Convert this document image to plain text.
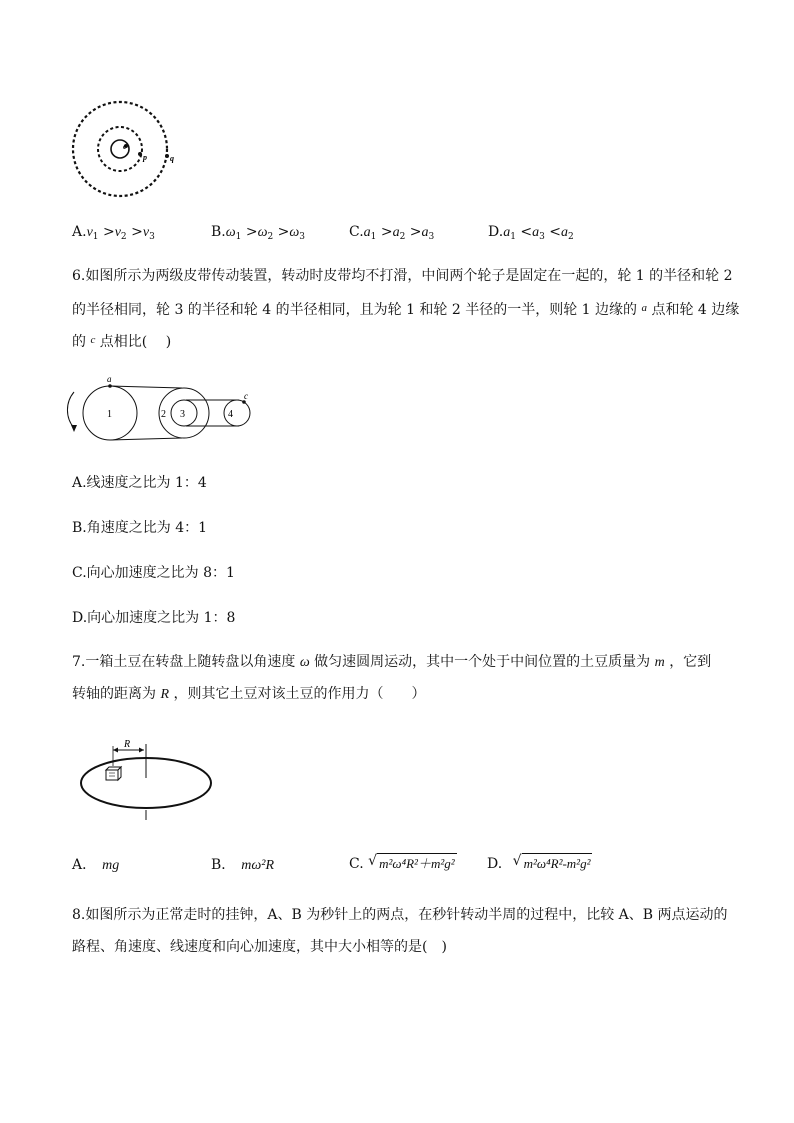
e
p	q
$A.v_1 >v_2 >v_3$	$B.\omega_1 >\omega_2 >\omega_3$	$C.a_1 >a_2 >a_3$	$D.a_1 <a_3 <a_2$
6.如图所示为两级皮带传动装置，转动时皮带均不打滑，中间两个轮子是固定在一起的，轮 1 的半径和轮 2
的半径相同，轮 3 的半径和轮 4 的半径相同，且为轮 1 和轮 2 半径的一半，则轮 1 边缘的 $^a$ 点和轮 4 边缘
的 $^c$ 点相比(　 )
a
1	2 3	4
c
A.线速度之比为 1：4
B.角速度之比为 4：1
C.向心加速度之比为 8：1
D.向心加速度之比为 1：8
7.一箱土豆在转盘上随转盘以角速度 ω 做匀速圆周运动，其中一个处于中间位置的土豆质量为 m ，它到
转轴的距离为 R ，则其它土豆对该土豆的作用力（　　）
R
A． mg	B． mω²R	C. √ m²ω⁴R²＋m²g² D. √ m²ω⁴R²-m²g²
8.如图所示为正常走时的挂钟，A、B 为秒针上的两点，在秒针转动半周的过程中，比较 A、B 两点运动的
路程、角速度、线速度和向心加速度，其中大小相等的是(　)
